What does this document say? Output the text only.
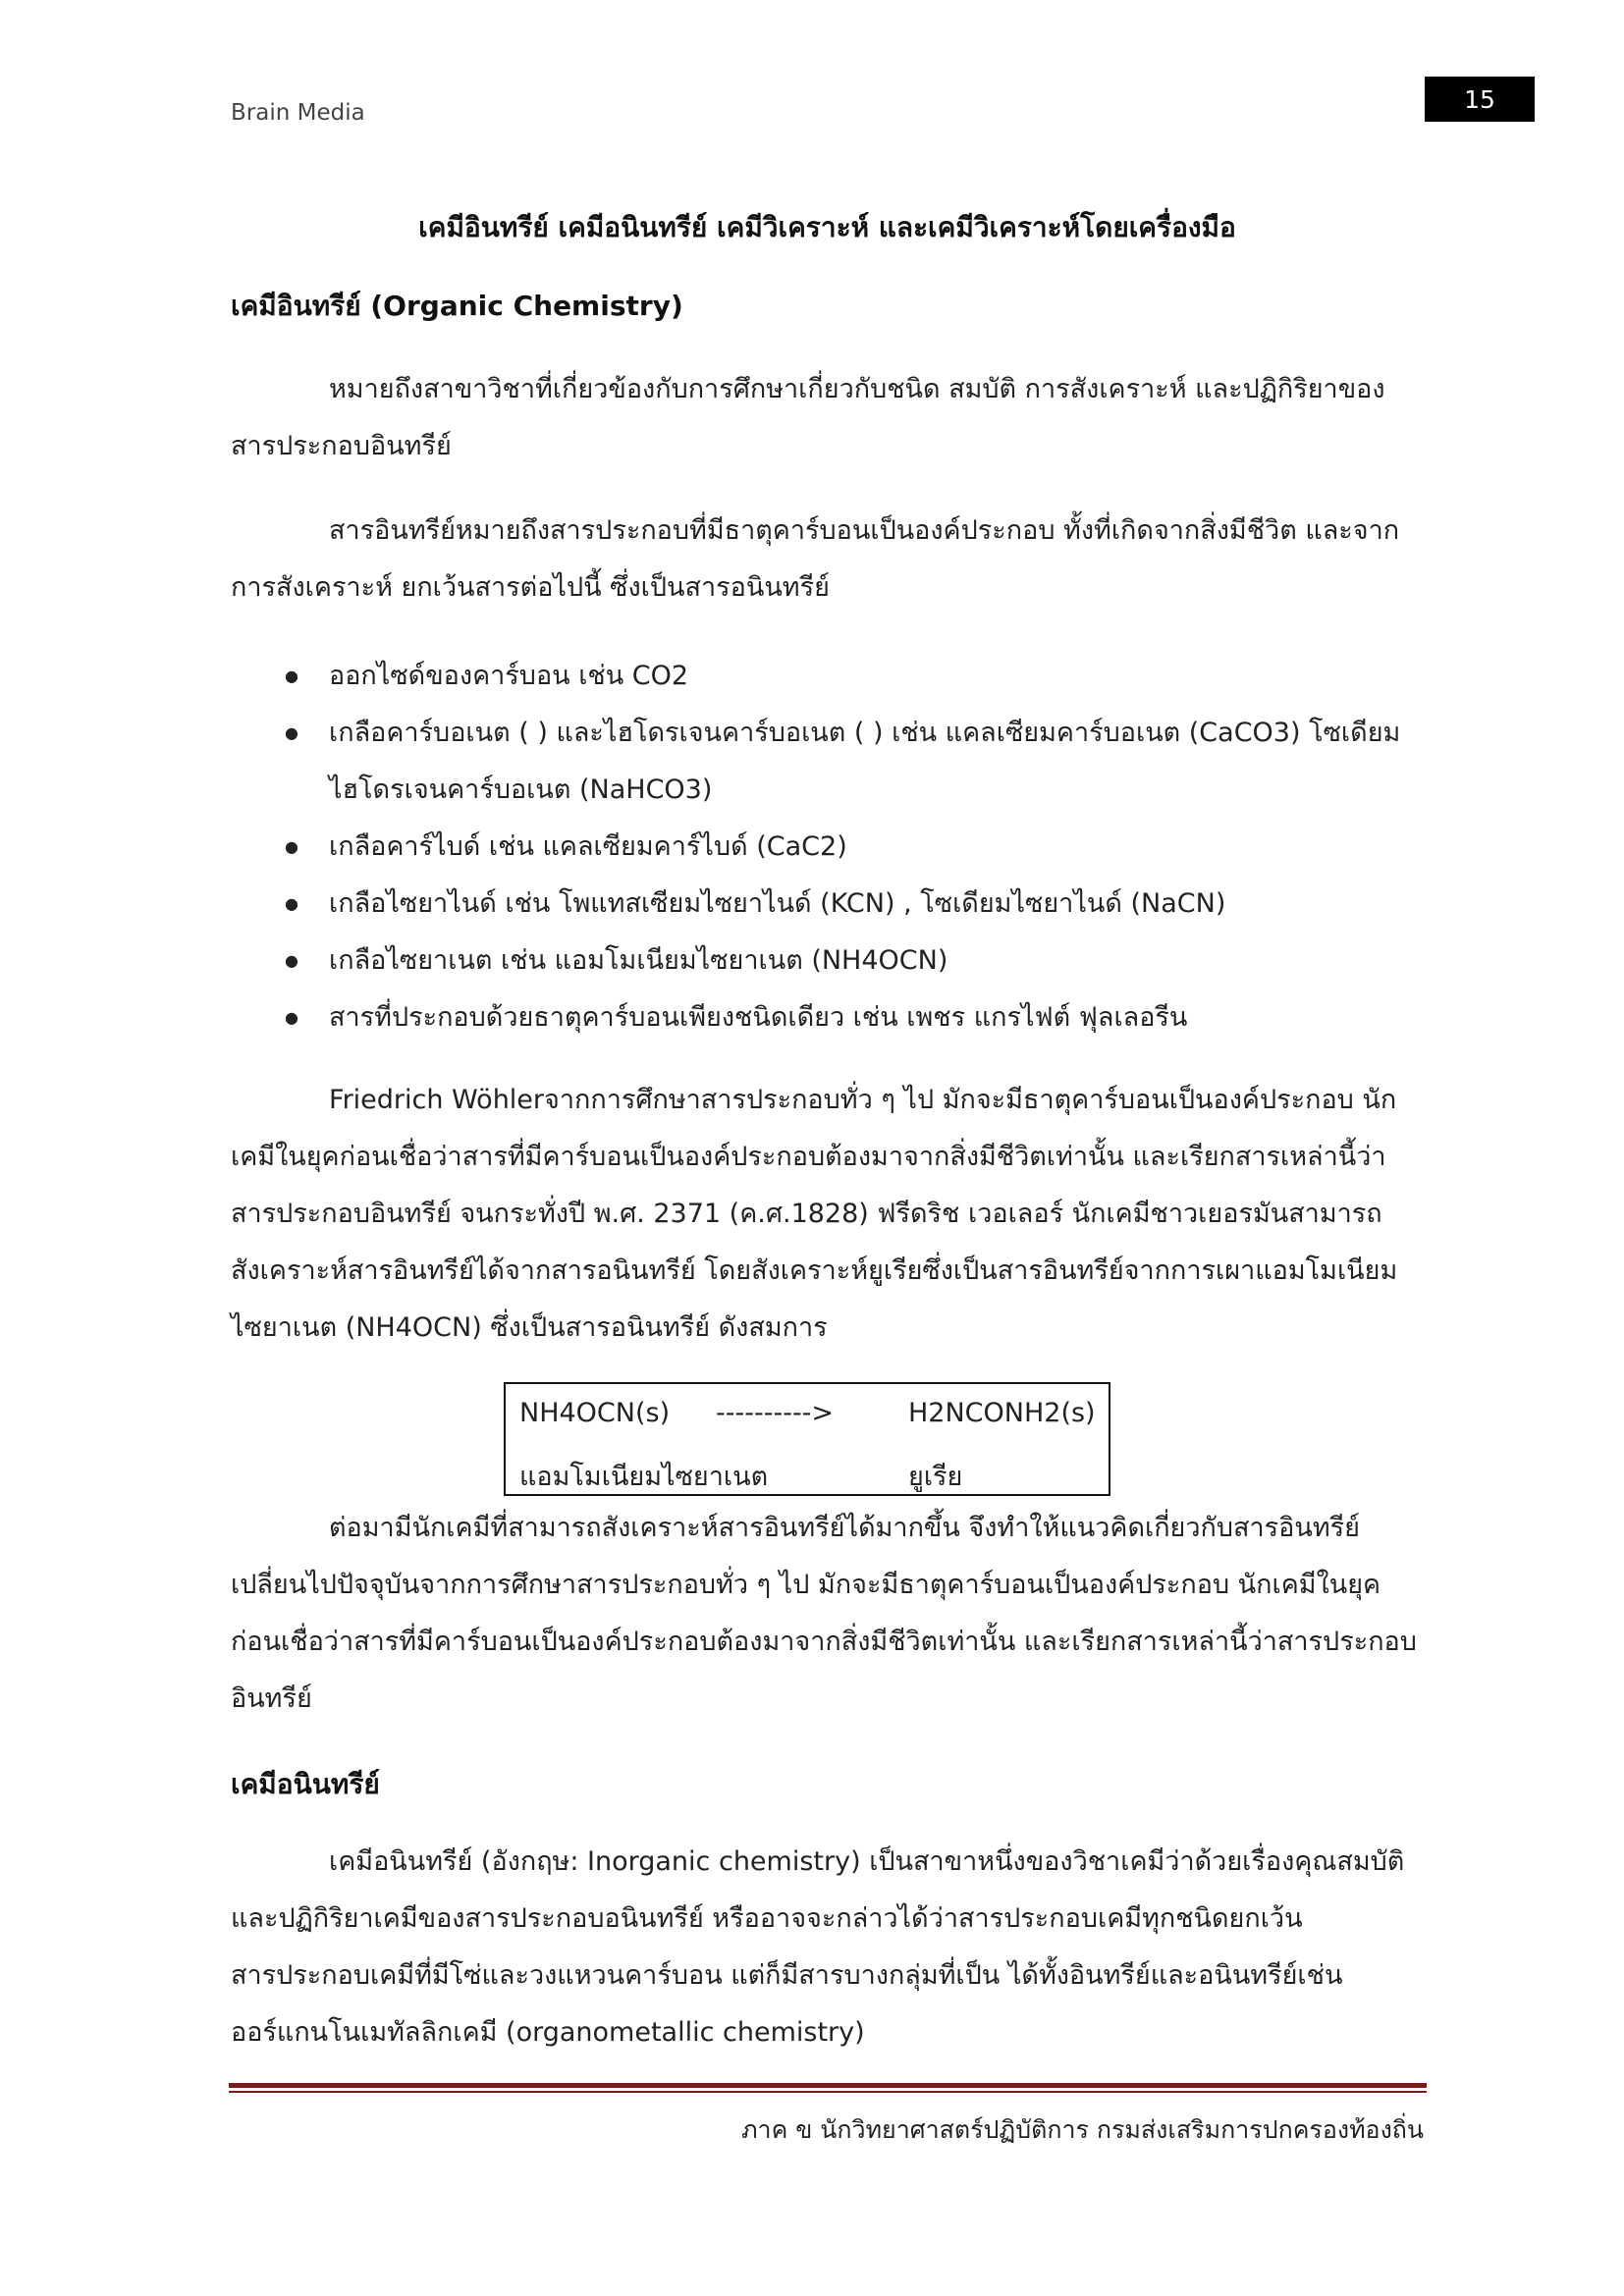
Brain Media	15
เคมีอินทรีย์ เคมีอนินทรีย์ เคมีวิเคราะห์ และเคมีวิเคราะห์โดยเครื่องมือ
เคมีอินทรีย์ (Organic Chemistry)
หมายถึงสาขาวิชาที่เกี่ยวข้องกับการศึกษาเกี่ยวกับชนิด สมบัติ การสังเคราะห์ และปฏิกิริยาของสารประกอบอินทรีย์
สารอินทรีย์หมายถึงสารประกอบที่มีธาตุคาร์บอนเป็นองค์ประกอบ ทั้งที่เกิดจากสิ่งมีชีวิต และจากการสังเคราะห์ ยกเว้นสารต่อไปนี้ ซึ่งเป็นสารอนินทรีย์
● ออกไซด์ของคาร์บอน เช่น CO2
● เกลือคาร์บอเนต ( ) และไฮโดรเจนคาร์บอเนต ( ) เช่น แคลเซียมคาร์บอเนต (CaCO3) โซเดียมไฮโดรเจนคาร์บอเนต (NaHCO3)
● เกลือคาร์ไบด์ เช่น แคลเซียมคาร์ไบด์ (CaC2)
● เกลือไซยาไนด์ เช่น โพแทสเซียมไซยาไนด์ (KCN) , โซเดียมไซยาไนด์ (NaCN)
● เกลือไซยาเนต เช่น แอมโมเนียมไซยาเนต (NH4OCN)
● สารที่ประกอบด้วยธาตุคาร์บอนเพียงชนิดเดียว เช่น เพชร แกรไฟต์ ฟุลเลอรีน
Friedrich Wöhlerจากการศึกษาสารประกอบทั่ว ๆ ไป มักจะมีธาตุคาร์บอนเป็นองค์ประกอบ นักเคมีในยุคก่อนเชื่อว่าสารที่มีคาร์บอนเป็นองค์ประกอบต้องมาจากสิ่งมีชีวิตเท่านั้น และเรียกสารเหล่านี้ว่าสารประกอบอินทรีย์ จนกระทั่งปี พ.ศ. 2371 (ค.ศ.1828) ฟรีดริช เวอเลอร์ นักเคมีชาวเยอรมันสามารถสังเคราะห์สารอินทรีย์ได้จากสารอนินทรีย์ โดยสังเคราะห์ยูเรียซึ่งเป็นสารอินทรีย์จากการเผาแอมโมเนียมไซยาเนต (NH4OCN) ซึ่งเป็นสารอนินทรีย์ ดังสมการ
NH4OCN(s) ---------->	H2NCONH2(s)
แอมโมเนียมไซยาเนต	ยูเรีย
ต่อมามีนักเคมีที่สามารถสังเคราะห์สารอินทรีย์ได้มากขึ้น จึงทำให้แนวคิดเกี่ยวกับสารอินทรีย์เปลี่ยนไปปัจจุบันจากการศึกษาสารประกอบทั่ว ๆ ไป มักจะมีธาตุคาร์บอนเป็นองค์ประกอบ นักเคมีในยุคก่อนเชื่อว่าสารที่มีคาร์บอนเป็นองค์ประกอบต้องมาจากสิ่งมีชีวิตเท่านั้น และเรียกสารเหล่านี้ว่าสารประกอบอินทรีย์
เคมีอนินทรีย์
เคมีอนินทรีย์ (อังกฤษ: Inorganic chemistry) เป็นสาขาหนึ่งของวิชาเคมีว่าด้วยเรื่องคุณสมบัติและปฏิกิริยาเคมีของสารประกอบอนินทรีย์ หรืออาจจะกล่าวได้ว่าสารประกอบเคมีทุกชนิดยกเว้นสารประกอบเคมีที่มีโซ่และวงแหวนคาร์บอน แต่ก็มีสารบางกลุ่มที่เป็น ได้ทั้งอินทรีย์และอนินทรีย์เช่น ออร์แกนโนเมทัลลิกเคมี (organometallic chemistry)
ภาค ข นักวิทยาศาสตร์ปฏิบัติการ กรมส่งเสริมการปกครองท้องถิ่น
